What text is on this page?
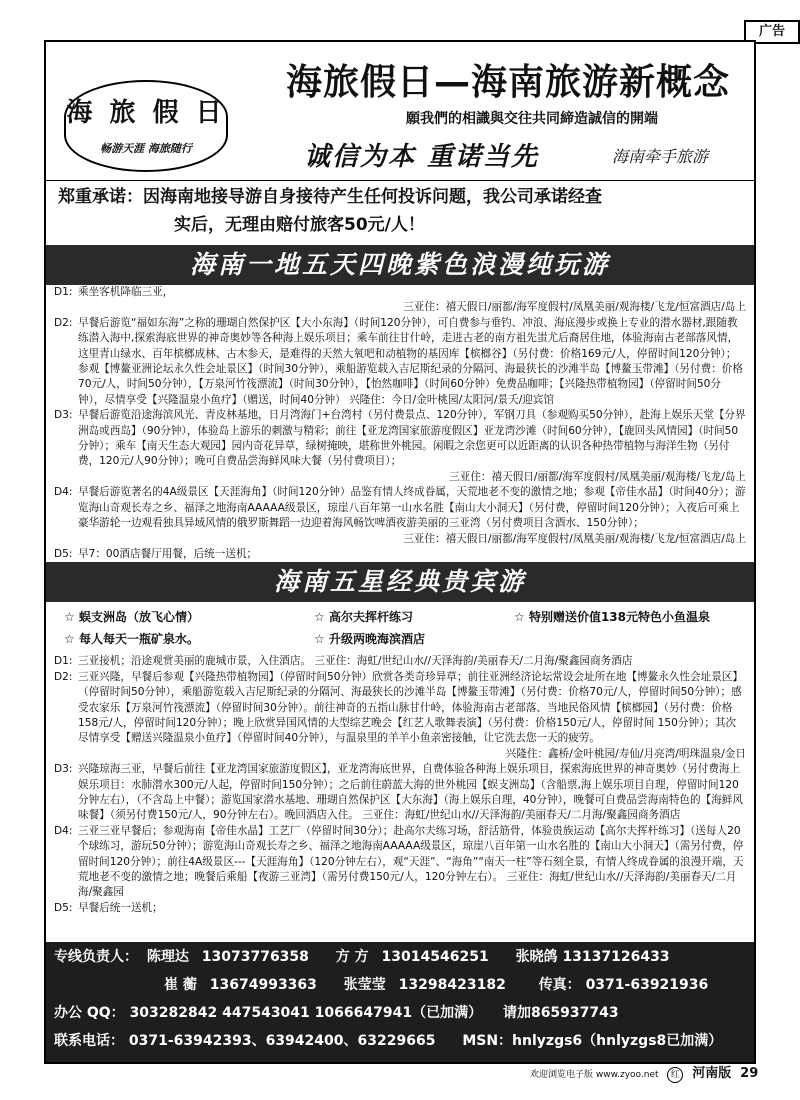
广告
海 旅 假 日
畅游天涯 海旅随行
海旅假日—海南旅游新概念
願我們的相識與交往共同締造誠信的開端
诚信为本 重诺当先	海南牵手旅游
郑重承诺：因海南地接导游自身接待产生任何投诉问题，我公司承诺经查
实后，无理由赔付旅客50元/人！
海南一地五天四晚紫色浪漫纯玩游
D1: 乘坐客机降临三亚，
三亚住：禧天假日/丽都/海军度假村/凤凰美丽/观海楼/飞龙/恒富酒店/岛上
D2: 早餐后游览“福如东海”之称的珊瑚自然保护区【大小东海】（时间120分钟），可自费参与垂钓、冲浪、海底漫步或换上专业的潜水器材,跟随教练潜入海中,探索海底世界的神奇奥妙等各种海上娱乐项目；乘车前往甘什岭，走进古老的南方祖先蚩尤后裔居住地，体验海南古老部落风情，这里青山绿水、百年槟榔成林、古木参天，是难得的天然大氧吧和动植物的基因库【槟榔谷】（另付费：价格169元/人，停留时间120分钟）；参观【博鳌亚洲论坛永久性会址景区】（时间30分钟），乘船游览载入吉尼斯纪录的分隔河、海最狭长的沙滩半岛【博鳌玉带滩】（另付费：价格70元/人，时间50分钟），【万泉河竹筏漂流】（时间30分钟），【怡然咖啡】（时间60分钟）免费品咖啡；【兴隆热带植物园】（停留时间50分钟），尽情享受【兴隆温泉小鱼疗】（赠送，时间40分钟） 兴隆住：今日/金叶桃园/太阳河/景夭/迎宾馆
D3: 早餐后游览沿途海滨风光、青皮林基地，日月湾海门+台湾村（另付费景点、120分钟），军钢刀具（参观购买50分钟），赴海上娱乐天堂【分界洲岛或西岛】（90分钟），体验岛上游乐的刺激与精彩；前往【亚龙湾国家旅游度假区】亚龙湾沙滩（时间60分钟），【鹿回头风情园】（时间50分钟）；乘车【南天生态大观园】园内奇花异草，绿树掩映，堪称世外桃园。闲暇之余您更可以近距离的认识各种热带植物与海洋生物（另付费，120元/人90分钟）；晚可自费品尝海鲜风味大餐（另付费项目）；
三亚住：禧天假日/丽都/海军度假村/凤凰美丽/观海楼/飞龙/岛上
D4: 早餐后游览著名的4A级景区【天涯海角】（时间120分钟）品鉴有情人终成眷属，天荒地老不变的激情之地；参观【帝佳水晶】（时间40分）；游览海山奇观长寿之乡、福泽之地海南AAAAA级景区，琼崖八百年第一山水名胜【南山大小洞天】（另付费，停留时间120分钟）；入夜后可乘上豪华游轮一边观看独具异域风情的俄罗斯舞蹈一边迎着海风畅饮啤酒夜游美丽的三亚湾（另付费项目含酒水、150分钟）；
三亚住：禧天假日/丽都/海军度假村/凤凰美丽/观海楼/飞龙/恒富酒店/岛上
D5: 早7：00酒店餐厅用餐，后统一送机；
海南五星经典贵宾游
☆ 蜈支洲岛（放飞心情）	☆ 高尔夫挥杆练习	☆ 特别赠送价值138元特色小鱼温泉
☆ 每人每天一瓶矿泉水。	☆ 升级两晚海滨酒店
D1: 三亚接机；沿途观赏美丽的鹿城市景，入住酒店。 三亚住：海虹/世纪山水//天泽海韵/美丽春天/二月海/聚鑫园商务酒店
D2: 三亚兴隆，早餐后参观【兴隆热带植物园】（停留时间50分钟）欣赏各类奇珍异草；前往亚洲经济论坛常设会址所在地【博鳌永久性会址景区】（停留时间50分钟），乘船游览载入吉尼斯纪录的分隔河、海最狭长的沙滩半岛【博鳌玉带滩】（另付费：价格70元/人，停留时间50分钟）；感受农家乐【万泉河竹筏漂流】（停留时间30分钟）。前往神奇的五指山脉甘什岭，体验海南古老部落、当地民俗风情【槟榔园】（另付费：价格158元/人，停留时间120分钟）；晚上欣赏异国风情的大型综艺晚会【红艺人歌舞表演】（另付费：价格150元/人，停留时间 150分钟）；其次尽情享受【赠送兴隆温泉小鱼疗】（停留时间40分钟），与温泉里的羊羊小鱼亲密接触，让它洗去您一天的疲劳。
兴隆住：鑫桥/金叶桃园/寿仙/月亮湾/明珠温泉/金日
D3: 兴隆琼海三亚，早餐后前往【亚龙湾国家旅游度假区】，亚龙湾海底世界，自费体验各种海上娱乐项目，探索海底世界的神奇奥妙（另付费海上娱乐项目：水肺潜水300元/人起，停留时间150分钟）；之后前往蔚蓝大海的世外桃园【蜈支洲岛】（含船票,海上娱乐项目自理，停留时间120分钟左右），（不含岛上中餐）；游览国家潜水基地、珊瑚自然保护区【大东海】（海上娱乐自理，40分钟），晚餐可自费品尝海南特色的【海鲜风味餐】（须另付费150元/人，90分钟左右）。晚回酒店入住。 三亚住：海虹/世纪山水//天泽海韵/美丽春天/二月海/聚鑫园商务酒店
D4: 三亚三亚早餐后；参观海南【帝佳水晶】工艺厂（停留时间30分）；赴高尔夫练习场，舒活筋骨，体验贵族运动【高尔夫挥杆练习】（送每人20个球练习，游玩50分钟）；游览海山奇观长寿之乡、福泽之地海南AAAAA级景区，琼崖八百年第一山水名胜的【南山大小洞天】（需另付费，停留时间120分钟）；前往4A级景区---【天涯海角】（120分钟左右），观“天涯”、“海角”“南天一柱”等石刻全景，有情人终成眷属的浪漫开端，天荒地老不变的激情之地；晚餐后乘船【夜游三亚湾】（需另付费150元/人，120分钟左右）。 三亚住：海虹/世纪山水//天泽海韵/美丽春天/二月海/聚鑫园
D5: 早餐后统一送机；
专线负责人： 陈理达 13073776358 方 方 13014546251 张晓鸽 13137126433
崔 蘅 13674993363 张莹莹 13298423182 传真： 0371-63921936
办公 QQ： 303282842 447543041 1066647941（已加满） 请加865937743
联系电话： 0371-63942393、63942400、63229665 MSN：hnlyzgs6（hnlyzgs8已加满）
欢迎浏览电子版 www.zyoo.net 红 河南版 29
